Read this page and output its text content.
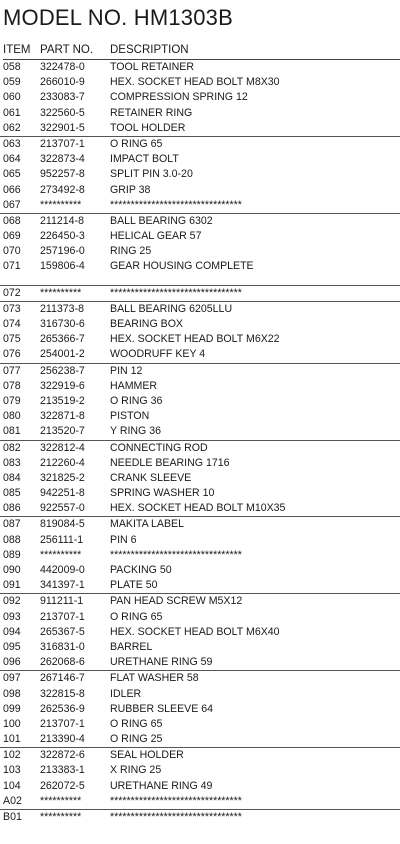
MODEL NO. HM1303B
ITEM PART NO. DESCRIPTION
058 322478-0 TOOL RETAINER
059 266010-9 HEX. SOCKET HEAD BOLT M8X30
060 233083-7 COMPRESSION SPRING 12
061 322560-5 RETAINER RING
062 322901-5 TOOL HOLDER
063 213707-1 O RING 65
064 322873-4 IMPACT BOLT
065 952257-8 SPLIT PIN 3.0-20
066 273492-8 GRIP 38
067 **********	********************************
068 211214-8 BALL BEARING 6302
069 226450-3 HELICAL GEAR 57
070 257196-0 RING 25
071 159806-4 GEAR HOUSING COMPLETE
072 **********	********************************
073 211373-8 BALL BEARING 6205LLU
074 316730-6 BEARING BOX
075 265366-7 HEX. SOCKET HEAD BOLT M6X22
076 254001-2 WOODRUFF KEY 4
077 256238-7 PIN 12
078 322919-6 HAMMER
079 213519-2 O RING 36
080 322871-8 PISTON
081 213520-7 Y RING 36
082 322812-4 CONNECTING ROD
083 212260-4 NEEDLE BEARING 1716
084 321825-2 CRANK SLEEVE
085 942251-8 SPRING WASHER 10
086 922557-0 HEX. SOCKET HEAD BOLT M10X35
087 819084-5 MAKITA LABEL
088 256111-1	PIN 6
089 **********	********************************
090 442009-0 PACKING 50
091 341397-1 PLATE 50
092 911211-1	PAN HEAD SCREW M5X12
093 213707-1 O RING 65
094 265367-5 HEX. SOCKET HEAD BOLT M6X40
095 316831-0 BARREL
096 262068-6 URETHANE RING 59
097 267146-7 FLAT WASHER 58
098 322815-8 IDLER
099 262536-9 RUBBER SLEEVE 64
100 213707-1 O RING 65
101 213390-4 O RING 25
102 322872-6 SEAL HOLDER
103 213383-1 X RING 25
104 262072-5 URETHANE RING 49
A02 **********	********************************
B01 **********	********************************
